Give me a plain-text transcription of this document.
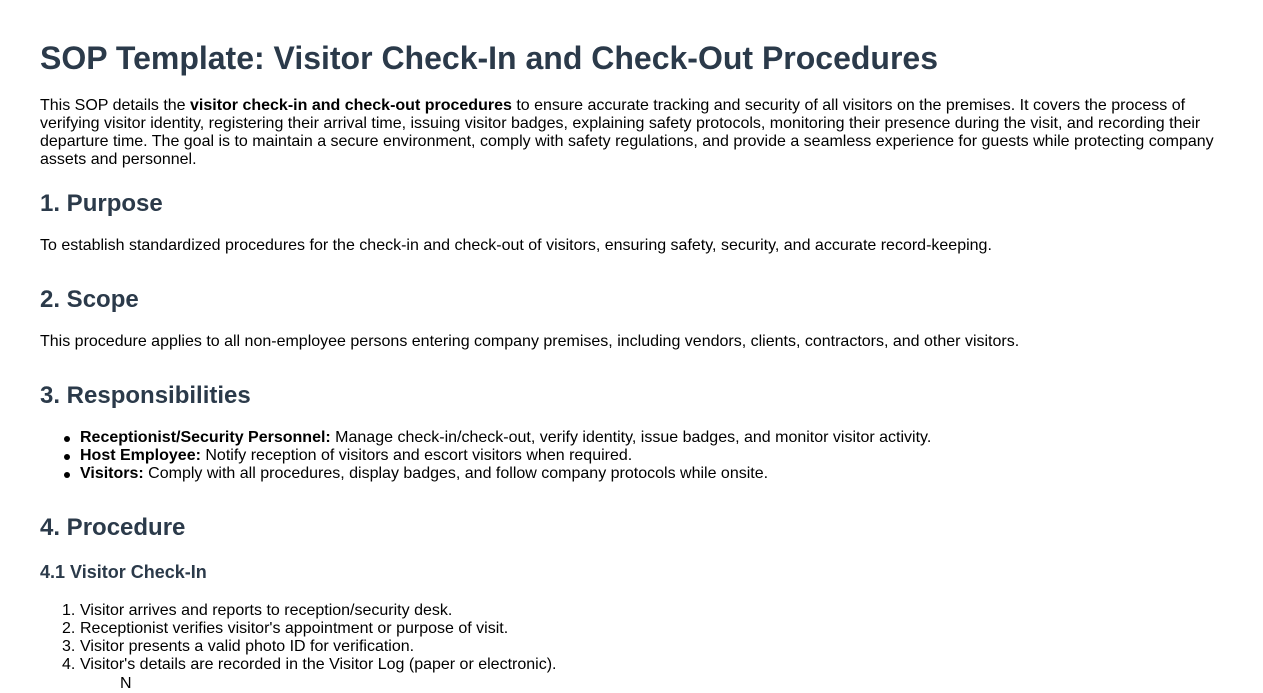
SOP Template: Visitor Check-In and Check-Out Procedures

This SOP details the visitor check-in and check-out procedures to ensure accurate tracking and security of all visitors on the premises. It covers the process of verifying visitor identity, registering their arrival time, issuing visitor badges, explaining safety protocols, monitoring their presence during the visit, and recording their departure time. The goal is to maintain a secure environment, comply with safety regulations, and provide a seamless experience for guests while protecting company assets and personnel.

1. Purpose

To establish standardized procedures for the check-in and check-out of visitors, ensuring safety, security, and accurate record-keeping.

2. Scope

This procedure applies to all non-employee persons entering company premises, including vendors, clients, contractors, and other visitors.

3. Responsibilities
Receptionist/Security Personnel: Manage check-in/check-out, verify identity, issue badges, and monitor visitor activity.
Host Employee: Notify reception of visitors and escort visitors when required.
Visitors: Comply with all procedures, display badges, and follow company protocols while onsite.
4. Procedure
4.1 Visitor Check-In
1. Visitor arrives and reports to reception/security desk.
2. Receptionist verifies visitor's appointment or purpose of visit.
3. Visitor presents a valid photo ID for verification.
4. Visitor's details are recorded in the Visitor Log (paper or electronic).
N
